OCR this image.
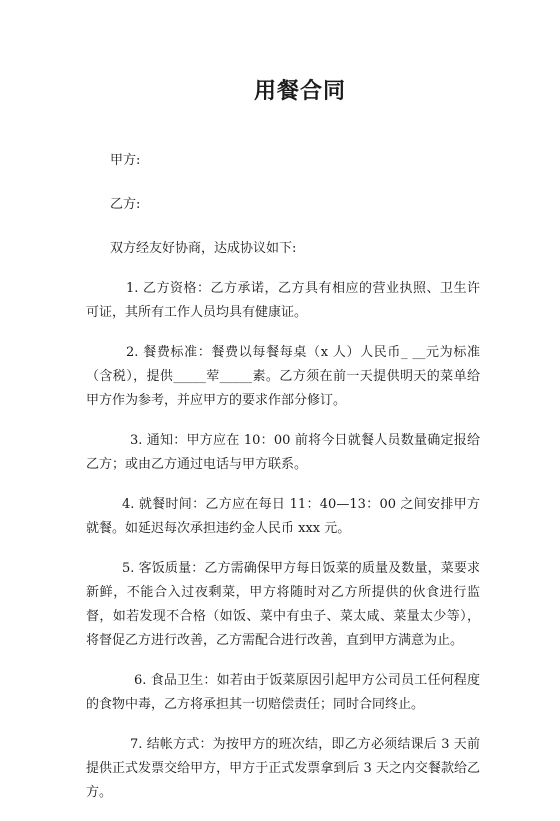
用餐合同

甲方:

乙方:

双方经友好协商，达成协议如下:

1. 乙方资格：乙方承诺，乙方具有相应的营业执照、卫生许可证，其所有工作人员均具有健康证。

2. 餐费标准：餐费以每餐每桌（x 人）人民币_ __元为标准（含税），提供_____荤_____素。乙方须在前一天提供明天的菜单给甲方作为参考，并应甲方的要求作部分修订。

3. 通知：甲方应在 10：00 前将今日就餐人员数量确定报给乙方；或由乙方通过电话与甲方联系。

4. 就餐时间：乙方应在每日 11：40—13：00 之间安排甲方就餐。如延迟每次承担违约金人民币 xxx 元。

5. 客饭质量：乙方需确保甲方每日饭菜的质量及数量，菜要求新鲜，不能合入过夜剩菜，甲方将随时对乙方所提供的伙食进行监督，如若发现不合格（如饭、菜中有虫子、菜太咸、菜量太少等），将督促乙方进行改善，乙方需配合进行改善，直到甲方满意为止。

6. 食品卫生：如若由于饭菜原因引起甲方公司员工任何程度的食物中毒，乙方将承担其一切赔偿责任；同时合同终止。

7. 结帐方式：为按甲方的班次结，即乙方必须结课后 3 天前提供正式发票交给甲方，甲方于正式发票拿到后 3 天之内交餐款给乙方。
